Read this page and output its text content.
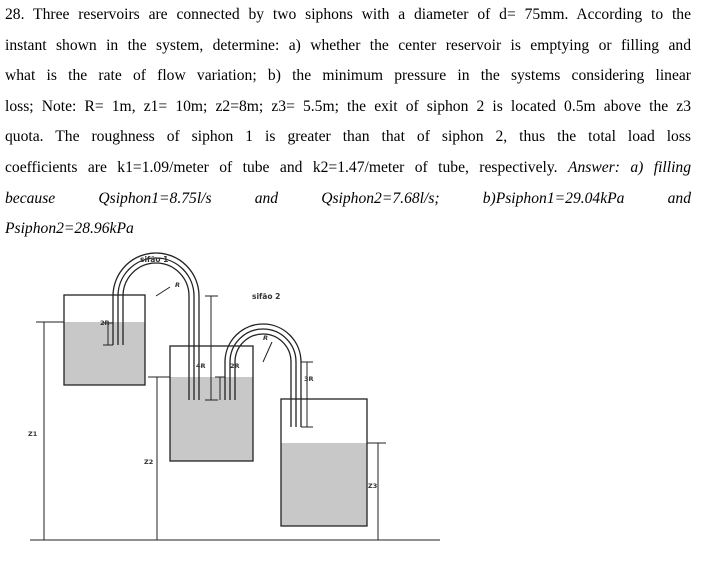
28. Three reservoirs are connected by two siphons with a diameter of d= 75mm. According to the
instant shown in the system, determine: a) whether the center reservoir is emptying or filling and
what is the rate of flow variation; b) the minimum pressure in the systems considering linear
loss; Note: R= 1m, z1= 10m; z2=8m; z3= 5.5m; the exit of siphon 2 is located 0.5m above the z3
quota. The roughness of siphon 1 is greater than that of siphon 2, thus the total load loss
coefficients are k1=1.09/meter of tube and k2=1.47/meter of tube, respectively. Answer: a) filling
because	Qsiphon1=8.75l/s	and	Qsiphon2=7.68l/s;	b)Psiphon1=29.04kPa	and
Psiphon2=28.96kPa
sifão 1
sifão 2
R
R
2R
4R	2R
3R
Z1
Z2
Z3
